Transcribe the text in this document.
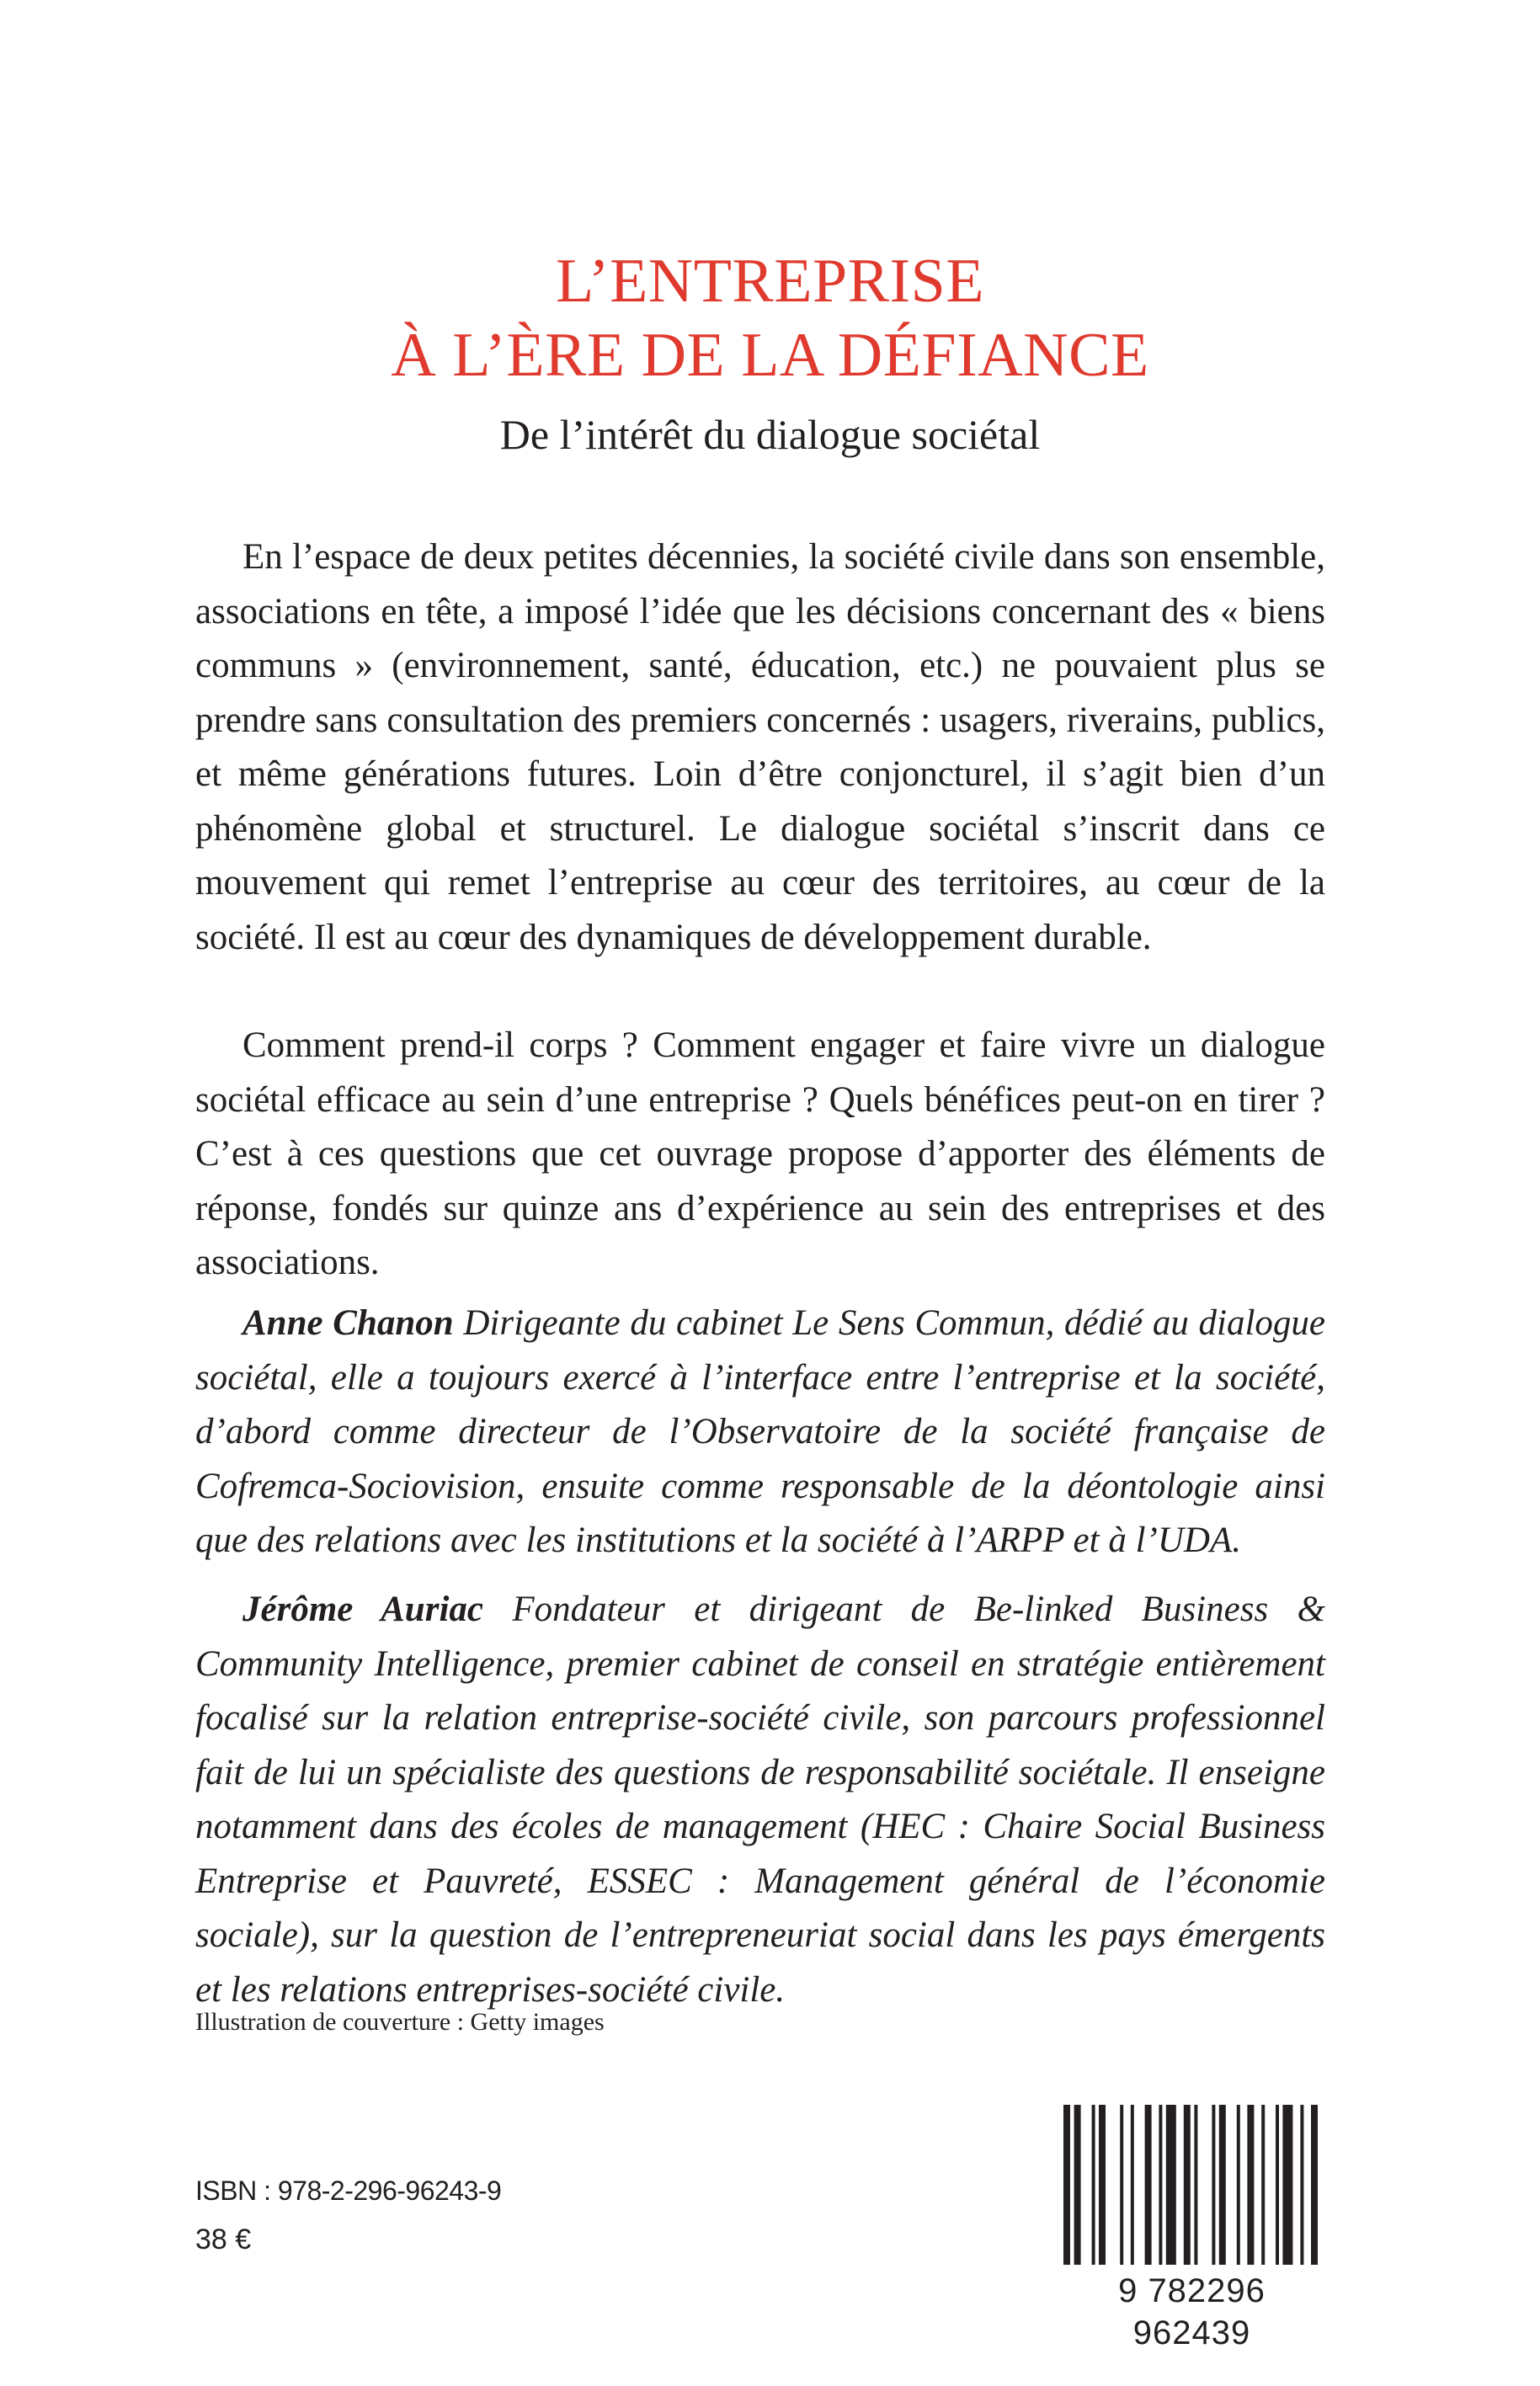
L’ENTREPRISE
À L’ÈRE DE LA DÉFIANCE
De l’intérêt du dialogue sociétal

En l’espace de deux petites décennies, la société civile dans son ensemble, associations en tête, a imposé l’idée que les décisions concernant des « biens communs » (environnement, santé, éducation, etc.) ne pouvaient plus se prendre sans consultation des premiers concernés : usagers, riverains, publics, et même générations futures. Loin d’être conjoncturel, il s’agit bien d’un phénomène global et structurel. Le dialogue sociétal s’inscrit dans ce mouvement qui remet l’entreprise au cœur des territoires, au cœur de la société. Il est au cœur des dynamiques de développement durable.

Comment prend-il corps ? Comment engager et faire vivre un dialogue sociétal efficace au sein d’une entreprise ? Quels bénéfices peut-on en tirer ? C’est à ces questions que cet ouvrage propose d’apporter des éléments de réponse, fondés sur quinze ans d’expérience au sein des entreprises et des associations.

Anne Chanon Dirigeante du cabinet Le Sens Commun, dédié au dialogue sociétal, elle a toujours exercé à l’interface entre l’entreprise et la société, d’abord comme directeur de l’Observatoire de la société française de Cofremca-Sociovision, ensuite comme responsable de la déontologie ainsi que des relations avec les institutions et la société à l’ARPP et à l’UDA.

Jérôme Auriac Fondateur et dirigeant de Be-linked Business & Community Intelligence, premier cabinet de conseil en stratégie entièrement focalisé sur la relation entreprise-société civile, son parcours professionnel fait de lui un spécialiste des questions de responsabilité sociétale. Il enseigne notamment dans des écoles de management (HEC : Chaire Social Business Entreprise et Pauvreté, ESSEC : Management général de l’économie sociale), sur la question de l’entrepreneuriat social dans les pays émergents et les relations entreprises-société civile.

Illustration de couverture : Getty images
ISBN : 978-2-296-96243-9
38 €
9 782296 962439
